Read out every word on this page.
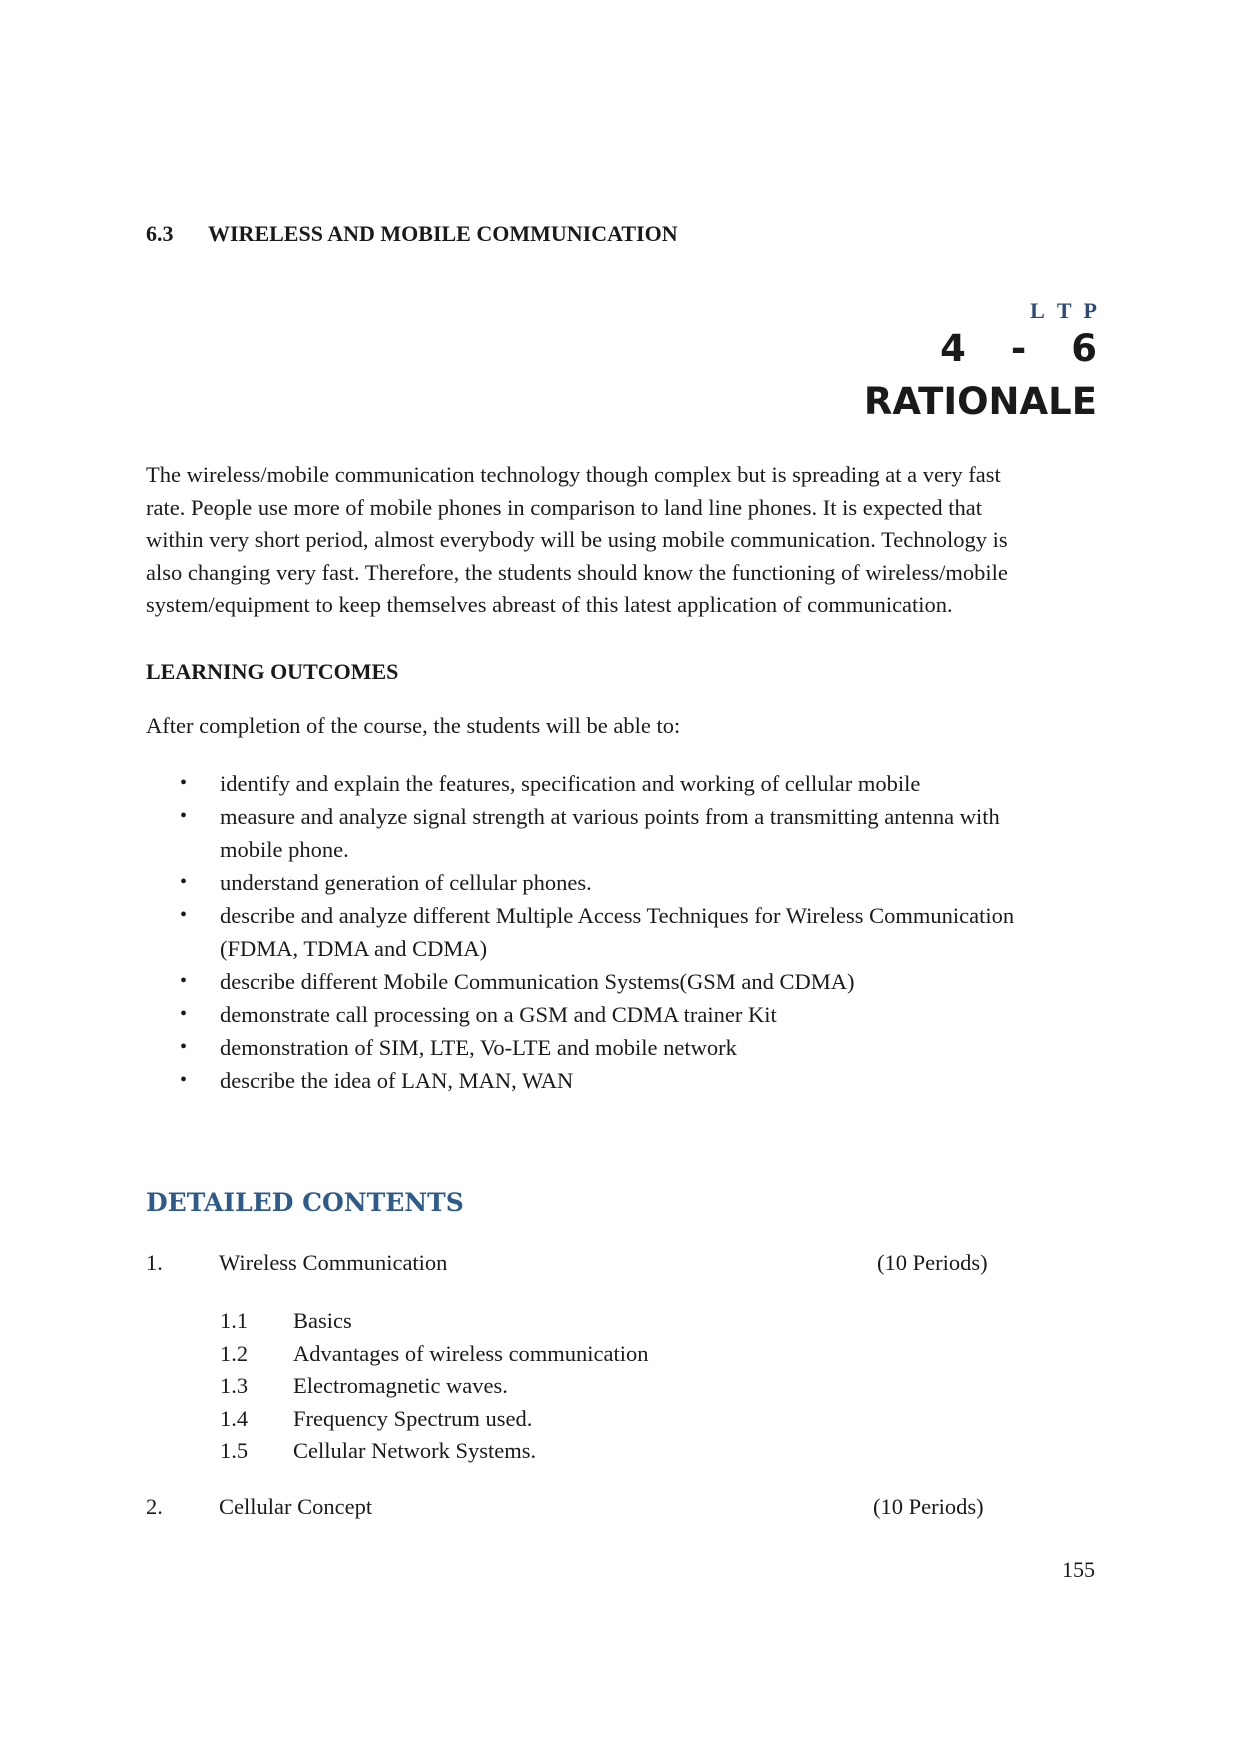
6.3 WIRELESS AND MOBILE COMMUNICATION
L T P
4 - 6
RATIONALE

The wireless/mobile communication technology though complex but is spreading at a very fast

rate. People use more of mobile phones in comparison to land line phones. It is expected that

within very short period, almost everybody will be using mobile communication. Technology is

also changing very fast. Therefore, the students should know the functioning of wireless/mobile

system/equipment to keep themselves abreast of this latest application of communication.

LEARNING OUTCOMES
After completion of the course, the students will be able to:
• identify and explain the features, specification and working of cellular mobile
• measure and analyze signal strength at various points from a transmitting antenna with
mobile phone.
• understand generation of cellular phones.
• describe and analyze different Multiple Access Techniques for Wireless Communication
(FDMA, TDMA and CDMA)
• describe different Mobile Communication Systems(GSM and CDMA)
• demonstrate call processing on a GSM and CDMA trainer Kit
• demonstration of SIM, LTE, Vo-LTE and mobile network
• describe the idea of LAN, MAN, WAN
DETAILED CONTENTS
1. Wireless Communication	(10 Periods)
1.1 Basics
1.2 Advantages of wireless communication
1.3 Electromagnetic waves.
1.4 Frequency Spectrum used.
1.5 Cellular Network Systems.
2. Cellular Concept	(10 Periods)
155
